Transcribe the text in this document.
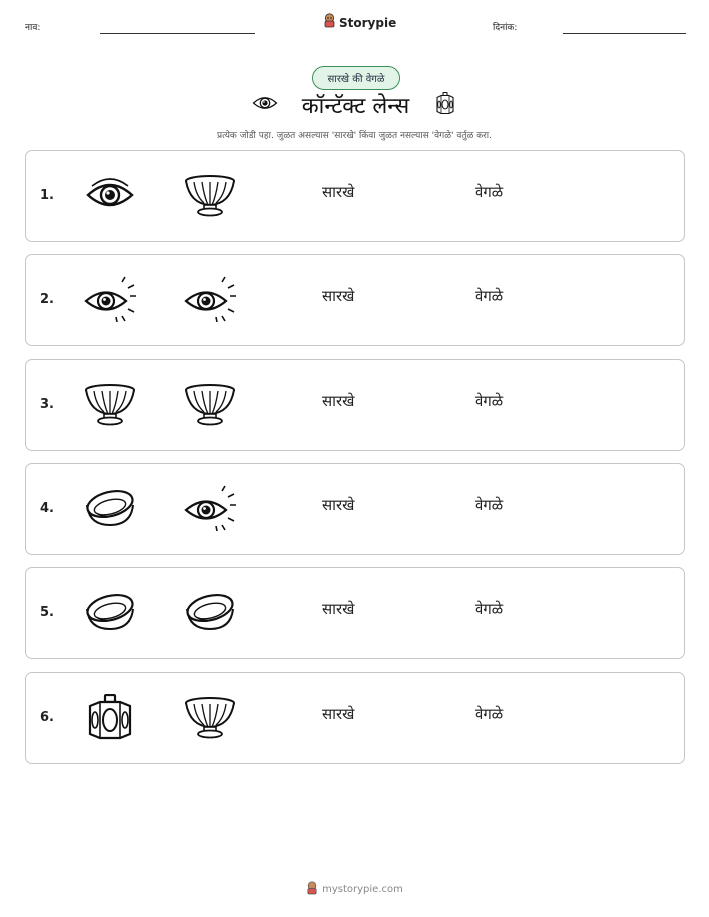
नाव:	Storypie	दिनांक:
सारखे की वेगळे
कॉन्टॅक्ट लेन्स
प्रत्येक जोडी पहा. जुळत असल्यास 'सारखे' किंवा जुळत नसल्यास 'वेगळे' वर्तुळ करा.
1.	सारखे	वेगळे
2.	सारखे	वेगळे
3.	सारखे	वेगळे
4.	सारखे	वेगळे
5.	सारखे	वेगळे
6.	सारखे	वेगळे
mystorypie.com
